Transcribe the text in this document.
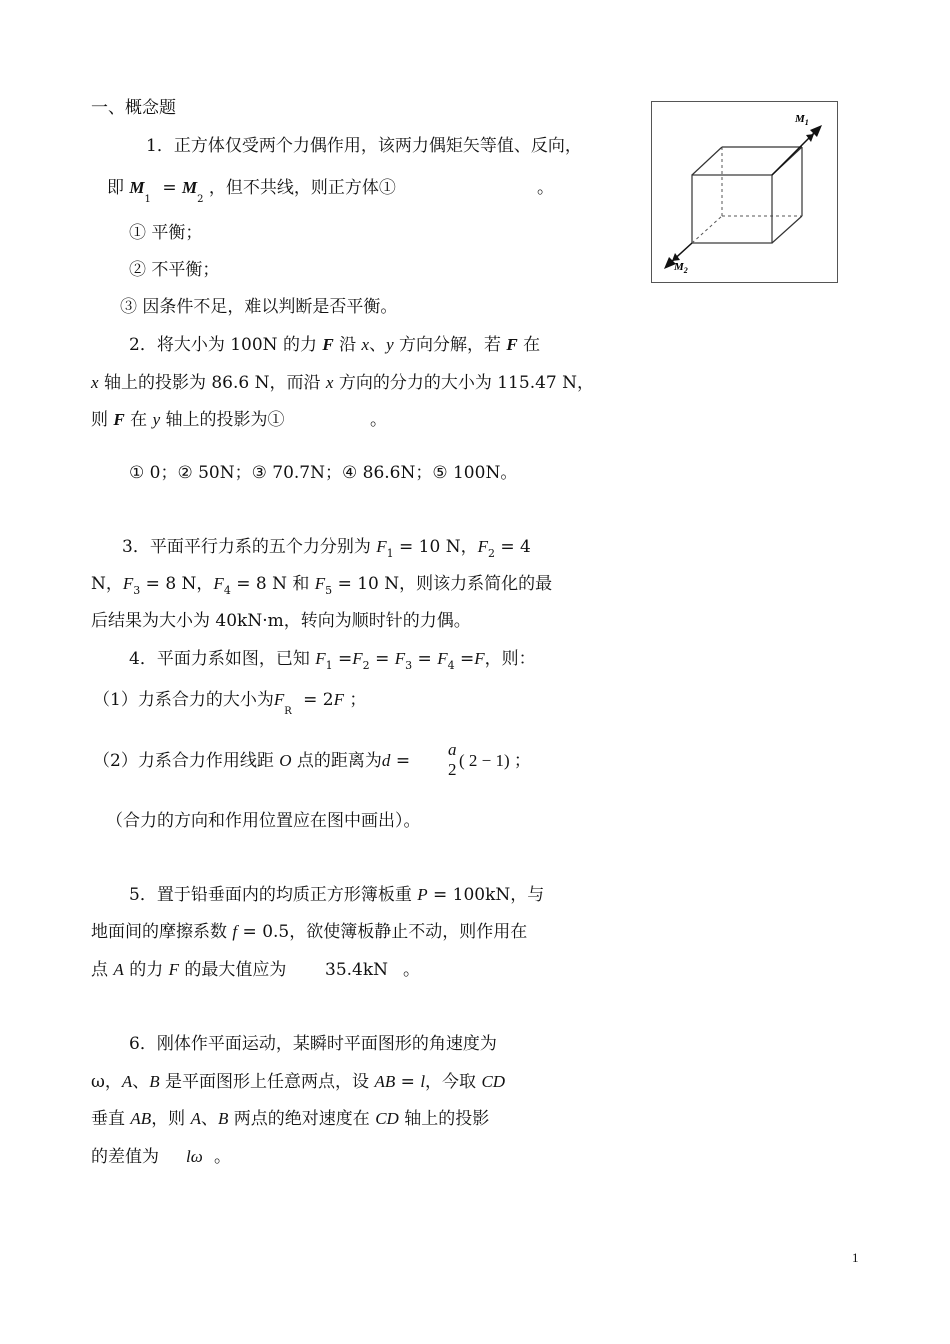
一、概念题
1．正方体仅受两个力偶作用，该两力偶矩矢等值、反向，
即 $M_1 = M_2$ ，但不共线，则正方体①	。
① 平衡；
② 不平衡；
③ 因条件不足，难以判断是否平衡。
2．将大小为 100N 的力 F 沿 x、y 方向分解，若 F 在
x 轴上的投影为 86.6 N，而沿 x 方向的分力的大小为 115.47 N，
则 F 在 y 轴上的投影为①	。
① 0；② 50N；③ 70.7N；④ 86.6N；⑤ 100N。
3．平面平行力系的五个力分别为 $F_1 = 10$ N，$F_2 = 4$
N，$F_3 = 8$ N，$F_4 = 8$ N 和 $F_5 = 10$ N，则该力系简化的最
后结果为大小为 40kN·m，转向为顺时针的力偶。
4．平面力系如图，已知 $F_1 =F_2 = F_3 = F_4 =F$，则：
（1）力系合力的大小为$F_R = 2F$ ；
（2）力系合力作用线距 O 点的距离为d =
a
2 ( 2 − 1) ；
（合力的方向和作用位置应在图中画出）。
5．置于铅垂面内的均质正方形簿板重 P = 100kN，与
地面间的摩擦系数 f = 0.5，欲使簿板静止不动，则作用在
点 A 的力 F 的最大值应为 35.4kN 。
6．刚体作平面运动，某瞬时平面图形的角速度为
ω，A、B 是平面图形上任意两点，设 AB = l，今取 CD
垂直 AB，则 A、B 两点的绝对速度在 CD 轴上的投影
的差值为 lω 。
$M_1$
$M_2$
1
